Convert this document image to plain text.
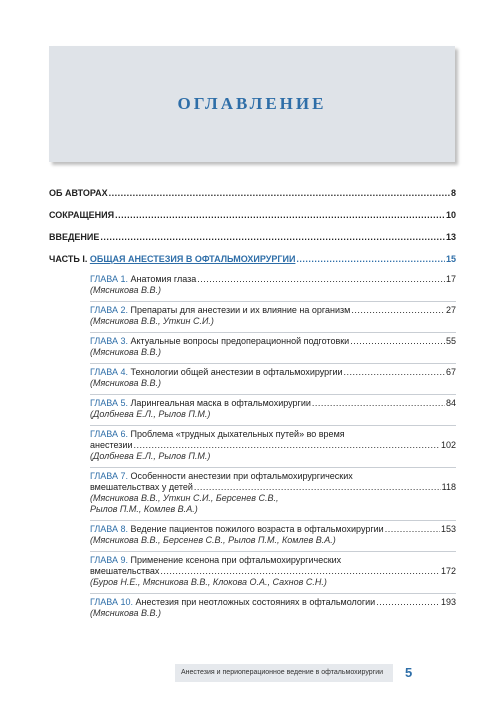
ОГЛАВЛЕНИЕ
ОБ АВТОРАХ .....	8
СОКРАЩЕНИЯ .....	10
ВВЕДЕНИЕ .....	13
ЧАСТЬ I. ОБЩАЯ АНЕСТЕЗИЯ В ОФТАЛЬМОХИРУРГИИ .....	15
ГЛАВА 1. Анатомия глаза .....	17
(Мясникова В.В.)
ГЛАВА 2. Препараты для анестезии и их влияние на организм .....	27
(Мясникова В.В., Уткин С.И.)
ГЛАВА 3. Актуальные вопросы предоперационной подготовки .....	55
(Мясникова В.В.)
ГЛАВА 4. Технологии общей анестезии в офтальмохирургии .....	67
(Мясникова В.В.)
ГЛАВА 5. Ларингеальная маска в офтальмохирургии .....	84
(Долбнева Е.Л., Рылов П.М.)
ГЛАВА 6. Проблема «трудных дыхательных путей» во время
анестезии .....	102
(Долбнева Е.Л., Рылов П.М.)
ГЛАВА 7. Особенности анестезии при офтальмохирургических
вмешательствах у детей .....	118
(Мясникова В.В., Уткин С.И., Берсенев С.В.,
Рылов П.М., Комлев В.А.)
ГЛАВА 8. Ведение пациентов пожилого возраста в офтальмохирургии .....	153
(Мясникова В.В., Берсенев С.В., Рылов П.М., Комлев В.А.)
ГЛАВА 9. Применение ксенона при офтальмохирургических
вмешательствах .....	172
(Буров Н.Е., Мясникова В.В., Клокова О.А., Сахнов С.Н.)
ГЛАВА 10. Анестезия при неотложных состояниях в офтальмологии .....	193
(Мясникова В.В.)
Анестезия и периоперационное ведение в офтальмохирургии 5
